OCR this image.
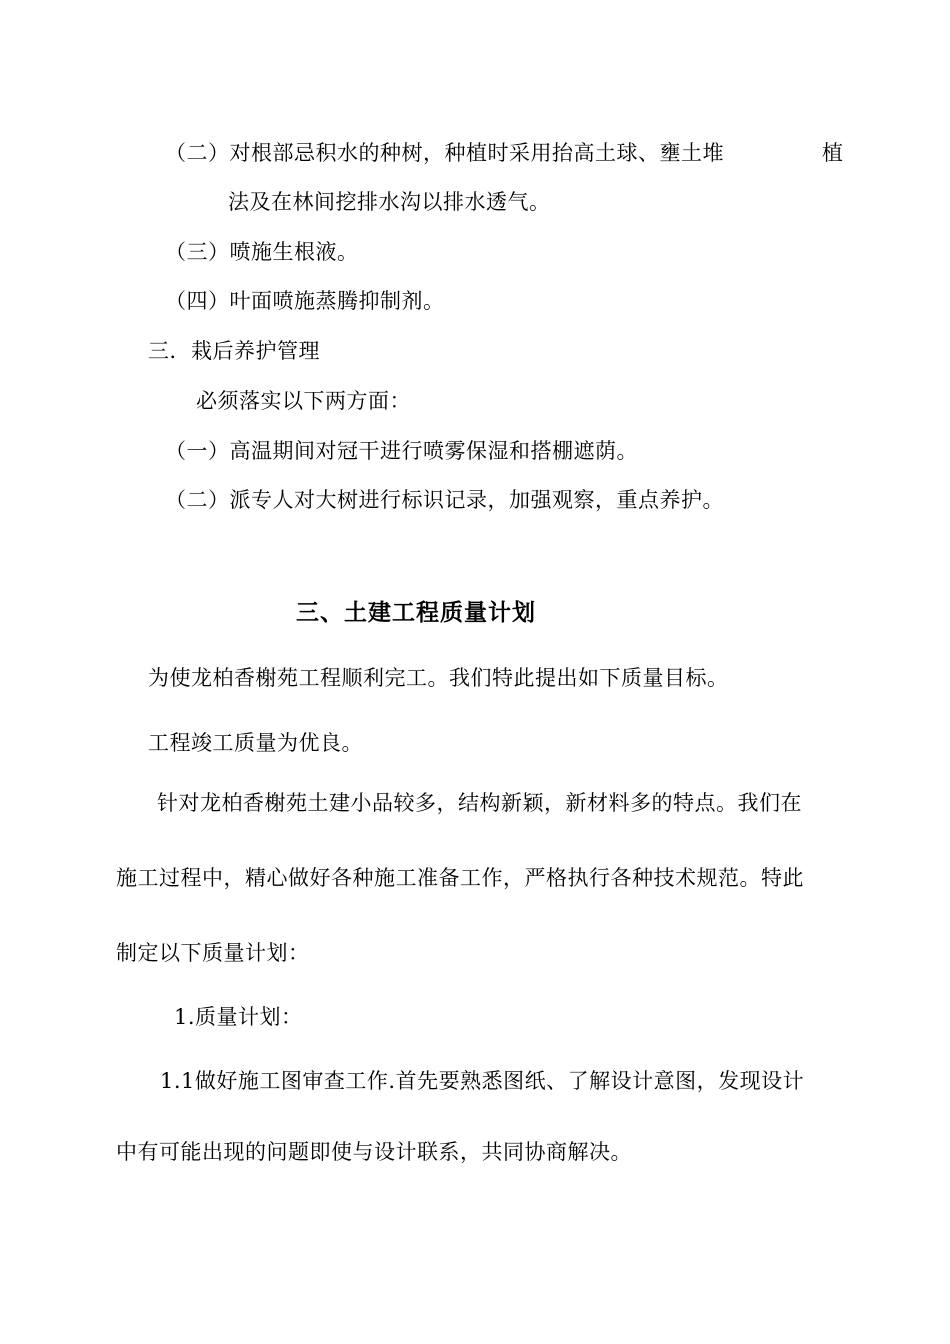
（二）对根部忌积水的种树，种植时采用抬高土球、壅土堆	植
法及在林间挖排水沟以排水透气。
（三）喷施生根液。
（四）叶面喷施蒸腾抑制剂。
三．栽后养护管理
必须落实以下两方面：
（一）高温期间对冠干进行喷雾保湿和搭棚遮荫。
（二）派专人对大树进行标识记录，加强观察，重点养护。
三、土建工程质量计划
为使龙柏香榭苑工程顺利完工。我们特此提出如下质量目标。
工程竣工质量为优良。
针对龙柏香榭苑土建小品较多，结构新颖，新材料多的特点。我们在
施工过程中，精心做好各种施工准备工作，严格执行各种技术规范。特此
制定以下质量计划：
1.质量计划：
1.1做好施工图审查工作.首先要熟悉图纸、了解设计意图，发现设计
中有可能出现的问题即使与设计联系，共同协商解决。
